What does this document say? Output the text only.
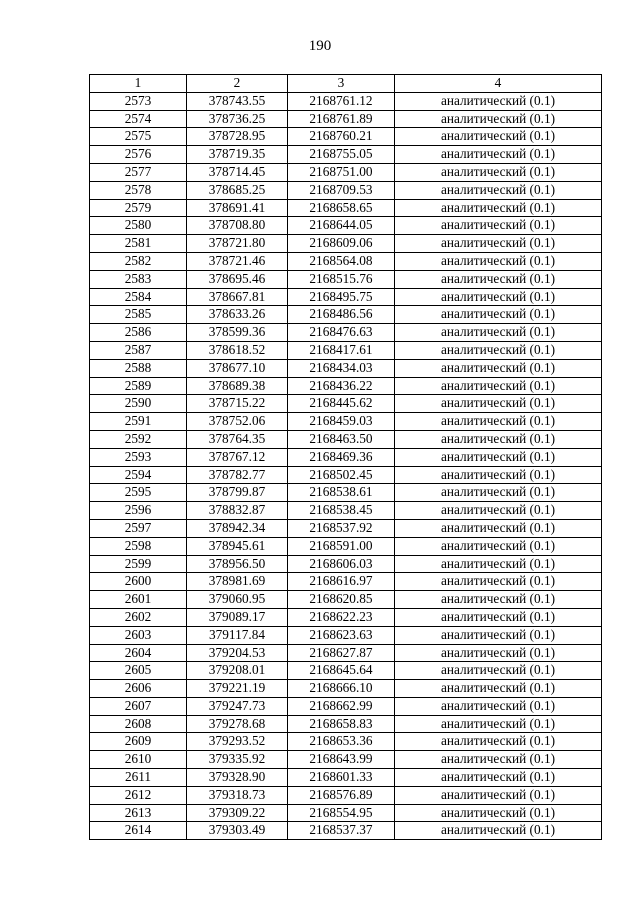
190
1	2	3	4
2573	378743.55	2168761.12	аналитический (0.1)
2574	378736.25	2168761.89	аналитический (0.1)
2575	378728.95	2168760.21	аналитический (0.1)
2576	378719.35	2168755.05	аналитический (0.1)
2577	378714.45	2168751.00	аналитический (0.1)
2578	378685.25	2168709.53	аналитический (0.1)
2579	378691.41	2168658.65	аналитический (0.1)
2580	378708.80	2168644.05	аналитический (0.1)
2581	378721.80	2168609.06	аналитический (0.1)
2582	378721.46	2168564.08	аналитический (0.1)
2583	378695.46	2168515.76	аналитический (0.1)
2584	378667.81	2168495.75	аналитический (0.1)
2585	378633.26	2168486.56	аналитический (0.1)
2586	378599.36	2168476.63	аналитический (0.1)
2587	378618.52	2168417.61	аналитический (0.1)
2588	378677.10	2168434.03	аналитический (0.1)
2589	378689.38	2168436.22	аналитический (0.1)
2590	378715.22	2168445.62	аналитический (0.1)
2591	378752.06	2168459.03	аналитический (0.1)
2592	378764.35	2168463.50	аналитический (0.1)
2593	378767.12	2168469.36	аналитический (0.1)
2594	378782.77	2168502.45	аналитический (0.1)
2595	378799.87	2168538.61	аналитический (0.1)
2596	378832.87	2168538.45	аналитический (0.1)
2597	378942.34	2168537.92	аналитический (0.1)
2598	378945.61	2168591.00	аналитический (0.1)
2599	378956.50	2168606.03	аналитический (0.1)
2600	378981.69	2168616.97	аналитический (0.1)
2601	379060.95	2168620.85	аналитический (0.1)
2602	379089.17	2168622.23	аналитический (0.1)
2603	379117.84	2168623.63	аналитический (0.1)
2604	379204.53	2168627.87	аналитический (0.1)
2605	379208.01	2168645.64	аналитический (0.1)
2606	379221.19	2168666.10	аналитический (0.1)
2607	379247.73	2168662.99	аналитический (0.1)
2608	379278.68	2168658.83	аналитический (0.1)
2609	379293.52	2168653.36	аналитический (0.1)
2610	379335.92	2168643.99	аналитический (0.1)
2611	379328.90	2168601.33	аналитический (0.1)
2612	379318.73	2168576.89	аналитический (0.1)
2613	379309.22	2168554.95	аналитический (0.1)
2614	379303.49	2168537.37	аналитический (0.1)
